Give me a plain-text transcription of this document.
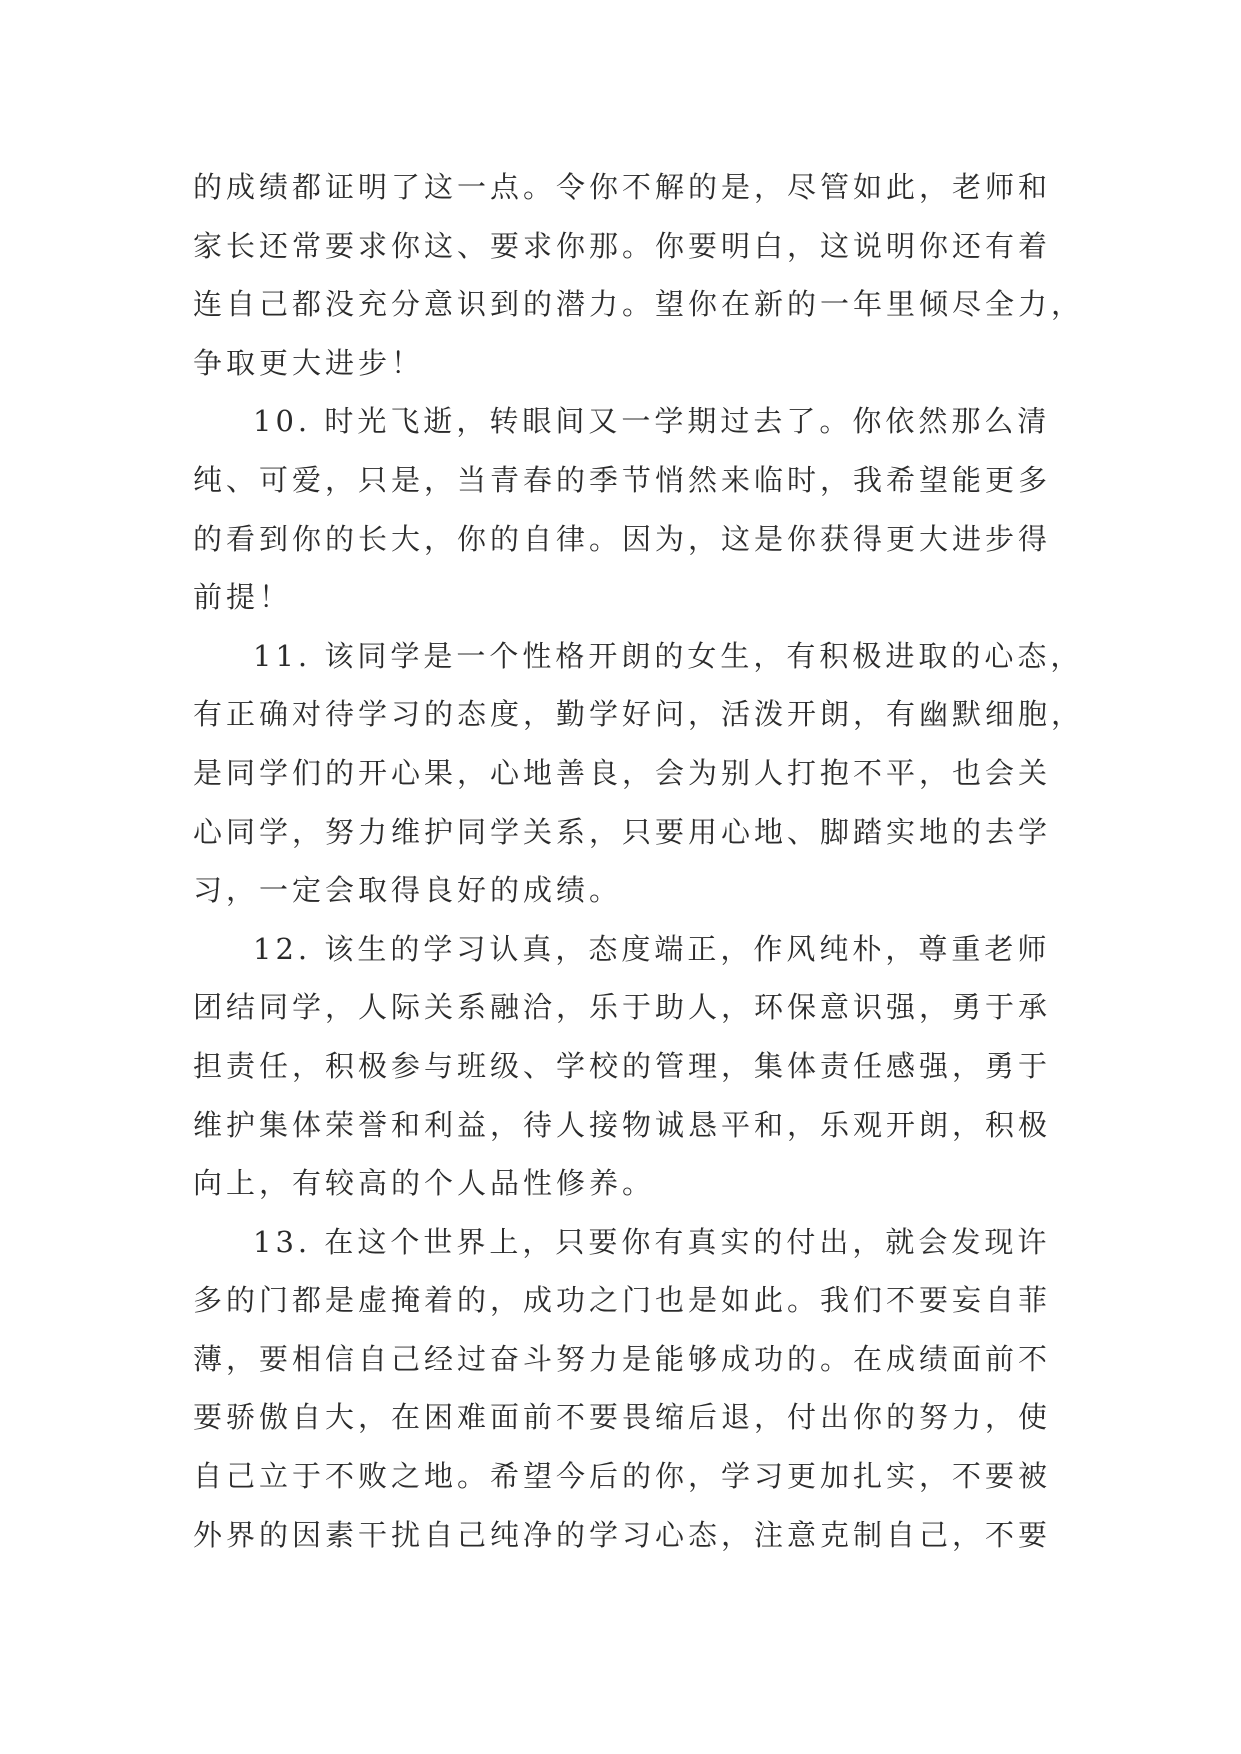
的成绩都证明了这一点。令你不解的是，尽管如此，老师和
家长还常要求你这、要求你那。你要明白，这说明你还有着
连自己都没充分意识到的潜力。望你在新的一年里倾尽全力，
争取更大进步！
10. 时光飞逝，转眼间又一学期过去了。你依然那么清
纯、可爱，只是，当青春的季节悄然来临时，我希望能更多
的看到你的长大，你的自律。因为，这是你获得更大进步得
前提！
11. 该同学是一个性格开朗的女生，有积极进取的心态，
有正确对待学习的态度，勤学好问，活泼开朗，有幽默细胞，
是同学们的开心果，心地善良，会为别人打抱不平，也会关
心同学，努力维护同学关系，只要用心地、脚踏实地的去学
习，一定会取得良好的成绩。
12. 该生的学习认真，态度端正，作风纯朴，尊重老师
团结同学，人际关系融洽，乐于助人，环保意识强，勇于承
担责任，积极参与班级、学校的管理，集体责任感强，勇于
维护集体荣誉和利益，待人接物诚恳平和，乐观开朗，积极
向上，有较高的个人品性修养。
13. 在这个世界上，只要你有真实的付出，就会发现许
多的门都是虚掩着的，成功之门也是如此。我们不要妄自菲
薄，要相信自己经过奋斗努力是能够成功的。在成绩面前不
要骄傲自大，在困难面前不要畏缩后退，付出你的努力，使
自己立于不败之地。希望今后的你，学习更加扎实，不要被
外界的因素干扰自己纯净的学习心态，注意克制自己，不要
